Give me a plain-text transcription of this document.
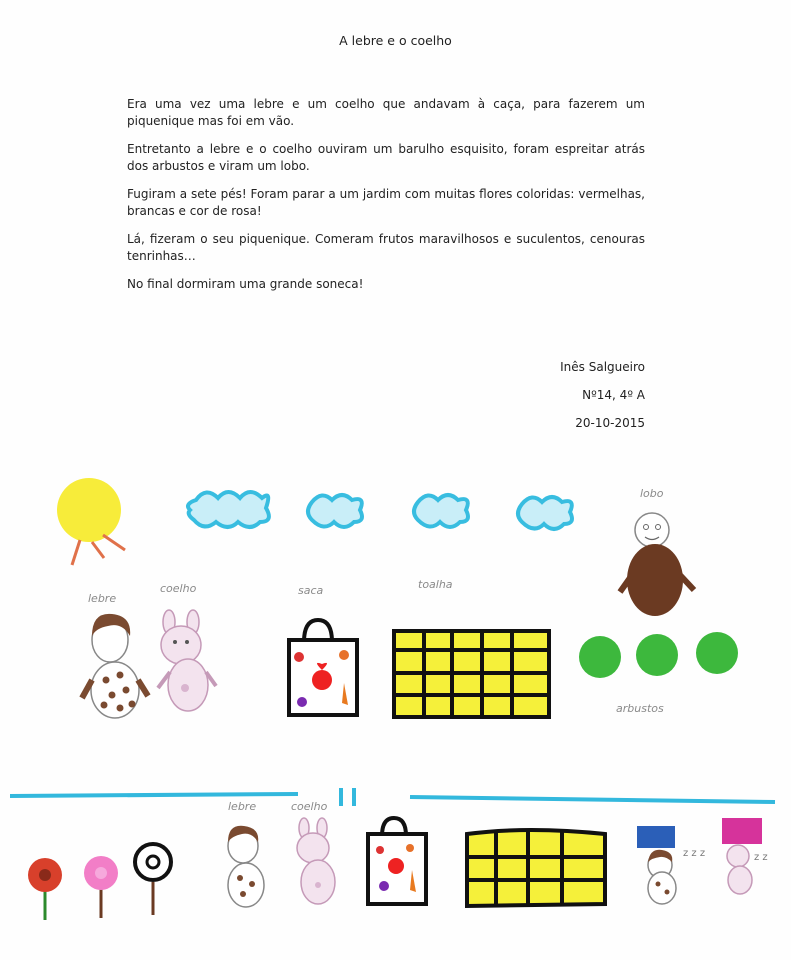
A lebre e o coelho

Era uma vez uma lebre e um coelho que andavam à caça, para fazerem um piquenique mas foi em vão.

Entretanto a lebre e o coelho ouviram um barulho esquisito, foram espreitar atrás dos arbustos e viram um lobo.

Fugiram a sete pés! Foram parar a um jardim com muitas flores coloridas: vermelhas, brancas e cor de rosa!

Lá, fizeram o seu piquenique. Comeram frutos maravilhosos e suculentos, cenouras tenrinhas…

No final dormiram uma grande soneca!

Inês Salgueiro
Nº14, 4º A
20-10-2015
lobo
lebre
coelho	saca	toalha
arbustos
lebre	coelho
z z z	z z
